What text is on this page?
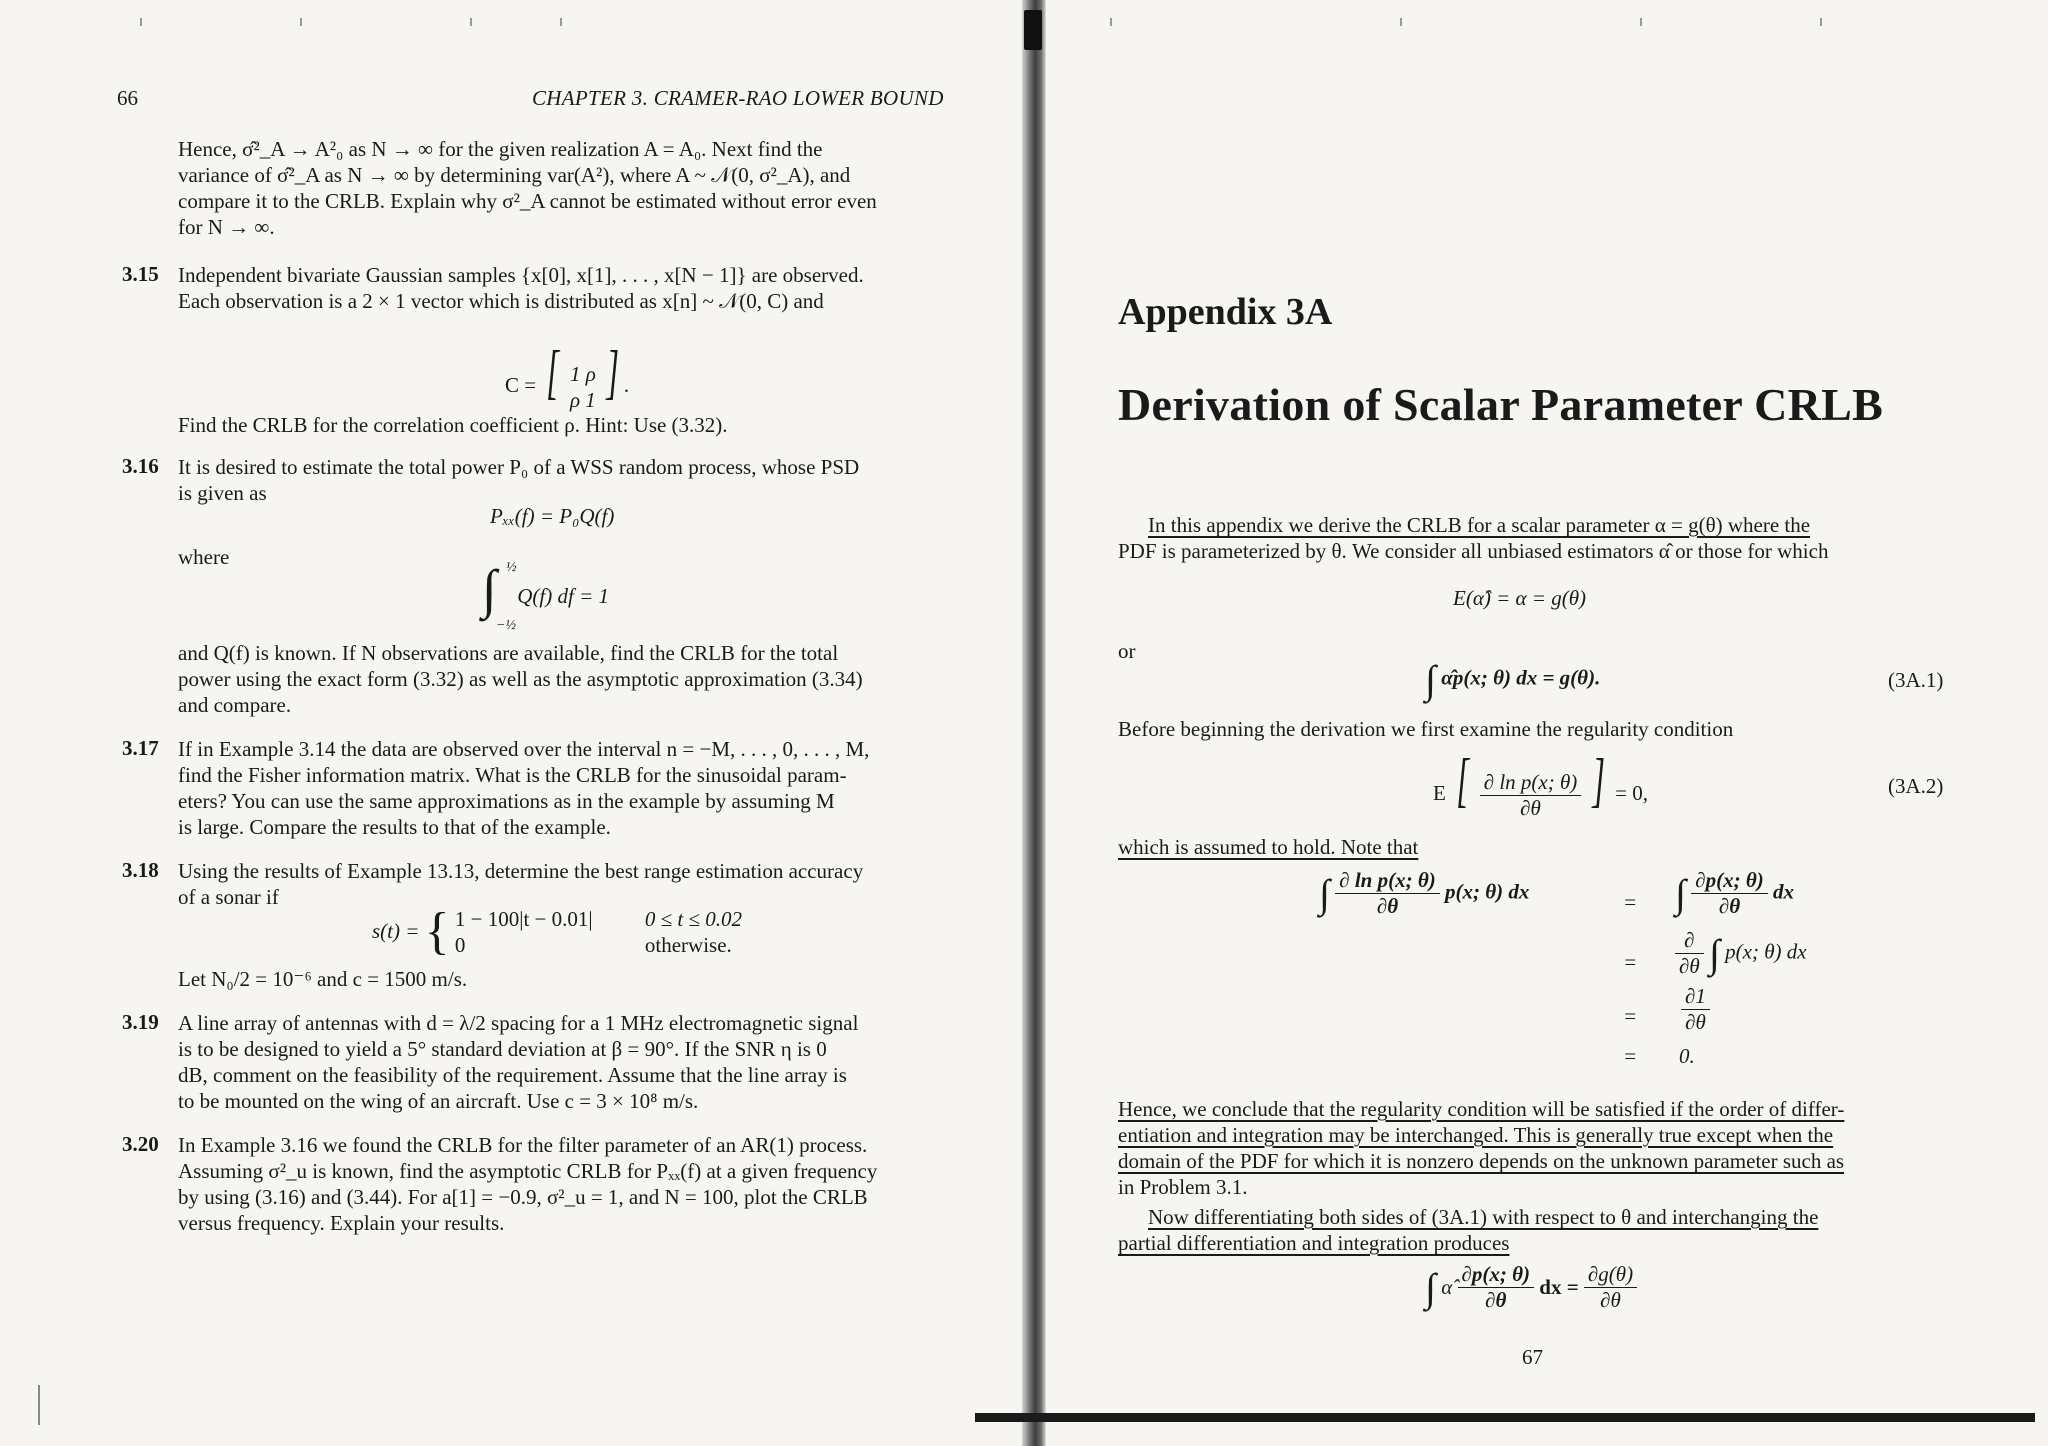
66	CHAPTER 3. CRAMER-RAO LOWER BOUND
Hence, σ̂²_A → A²₀ as N → ∞ for the given realization A = A₀. Next find the
variance of σ̂²_A as N → ∞ by determining var(A²), where A ~ 𝒩(0, σ²_A), and
compare it to the CRLB. Explain why σ²_A cannot be estimated without error even
for N → ∞.
3.15 Independent bivariate Gaussian samples {x[0], x[1], . . . , x[N − 1]} are observed.
Each observation is a 2 × 1 vector which is distributed as x[n] ~ 𝒩(0, C) and
C = [ 1 ρ
ρ 1 ] .
Find the CRLB for the correlation coefficient ρ. Hint: Use (3.32).
3.16 It is desired to estimate the total power P₀ of a WSS random process, whose PSD
is given as
Pₓₓ(f) = P₀Q(f)
where
∫ ½
−½
Q(f) df = 1
and Q(f) is known. If N observations are available, find the CRLB for the total
power using the exact form (3.32) as well as the asymptotic approximation (3.34)
and compare.
3.17 If in Example 3.14 the data are observed over the interval n = −M, . . . , 0, . . . , M,
find the Fisher information matrix. What is the CRLB for the sinusoidal param-
eters? You can use the same approximations as in the example by assuming M
is large. Compare the results to that of the example.
3.18 Using the results of Example 13.13, determine the best range estimation accuracy
of a sonar if
s(t) = { 1 − 100|t − 0.01| 0 ≤ t ≤ 0.02
0	otherwise.
Let N₀/2 = 10⁻⁶ and c = 1500 m/s.
3.19 A line array of antennas with d = λ/2 spacing for a 1 MHz electromagnetic signal
is to be designed to yield a 5° standard deviation at β = 90°. If the SNR η is 0
dB, comment on the feasibility of the requirement. Assume that the line array is
to be mounted on the wing of an aircraft. Use c = 3 × 10⁸ m/s.
3.20 In Example 3.16 we found the CRLB for the filter parameter of an AR(1) process.
Assuming σ²_u is known, find the asymptotic CRLB for Pₓₓ(f) at a given frequency
by using (3.16) and (3.44). For a[1] = −0.9, σ²_u = 1, and N = 100, plot the CRLB
versus frequency. Explain your results.
Appendix 3A
Derivation of Scalar Parameter CRLB
In this appendix we derive the CRLB for a scalar parameter α = g(θ) where the
PDF is parameterized by θ. We consider all unbiased estimators α̂ or those for which
E(α̂) = α = g(θ)
or
∫ α̂p(x; θ) dx = g(θ).	(3A.1)
Before beginning the derivation we first examine the regularity condition
E [ $\frac{\text{∂ ln p(x; θ)}}{\partial\theta}$ ] = 0,	(3A.2)
which is assumed to hold. Note that
∫ $\frac{\text{∂ ln p(x; θ)}}{\partial\theta} p(x$; θ) dx	= ∫ $\frac{\partial p(x; \theta)}{\partial\theta}$ dx
= $\frac{\partial}{\partial\theta}$ ∫ p(x; θ) dx
= $\frac{\partial 1}{\partial\theta}$
= 0.
Hence, we conclude that the regularity condition will be satisfied if the order of differ-
entiation and integration may be interchanged. This is generally true except when the
domain of the PDF for which it is nonzero depends on the unknown parameter such as
in Problem 3.1.
Now differentiating both sides of (3A.1) with respect to θ and interchanging the
partial differentiation and integration produces
∫ α̂ $\frac{\partial p(x; \theta)}{\partial\theta}$ dx = $\frac{\partial g(\theta)}{\partial\theta}$
67
